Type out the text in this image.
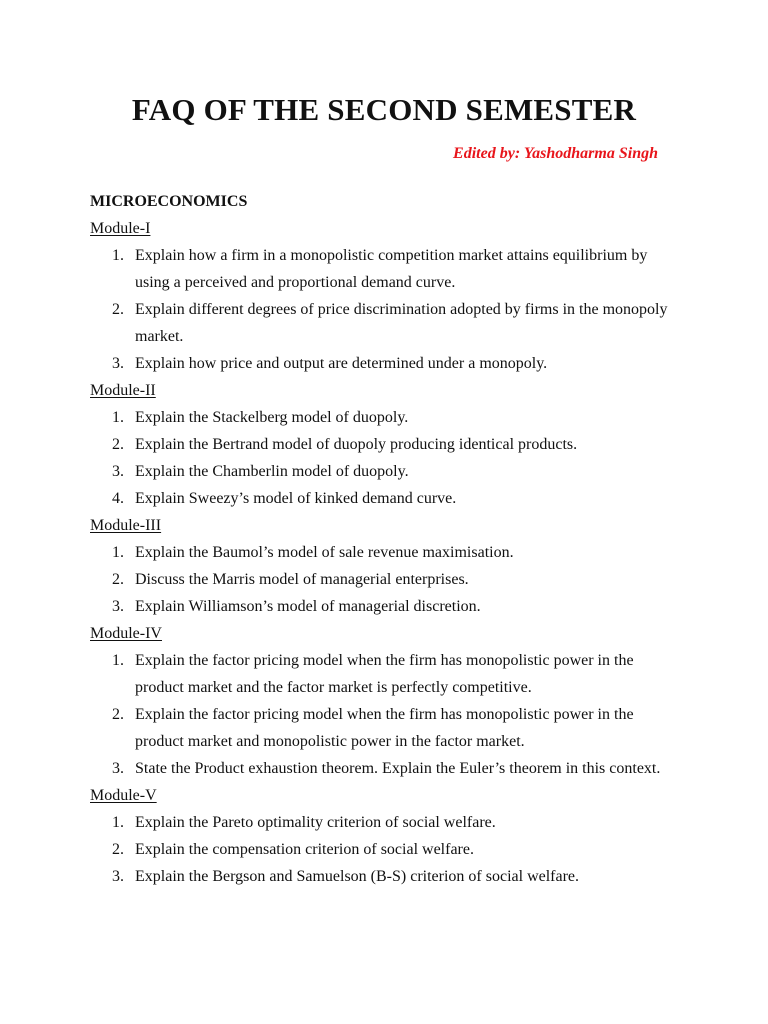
FAQ OF THE SECOND SEMESTER
Edited by: Yashodharma Singh
MICROECONOMICS
Module-I
1. Explain how a firm in a monopolistic competition market attains equilibrium by using a perceived and proportional demand curve.
2. Explain different degrees of price discrimination adopted by firms in the monopoly market.
3. Explain how price and output are determined under a monopoly.
Module-II
1. Explain the Stackelberg model of duopoly.
2. Explain the Bertrand model of duopoly producing identical products.
3. Explain the Chamberlin model of duopoly.
4. Explain Sweezy’s model of kinked demand curve.
Module-III
1. Explain the Baumol’s model of sale revenue maximisation.
2. Discuss the Marris model of managerial enterprises.
3. Explain Williamson’s model of managerial discretion.
Module-IV
1. Explain the factor pricing model when the firm has monopolistic power in the product market and the factor market is perfectly competitive.
2. Explain the factor pricing model when the firm has monopolistic power in the product market and monopolistic power in the factor market.
3. State the Product exhaustion theorem. Explain the Euler’s theorem in this context.
Module-V
1. Explain the Pareto optimality criterion of social welfare.
2. Explain the compensation criterion of social welfare.
3. Explain the Bergson and Samuelson (B-S) criterion of social welfare.
